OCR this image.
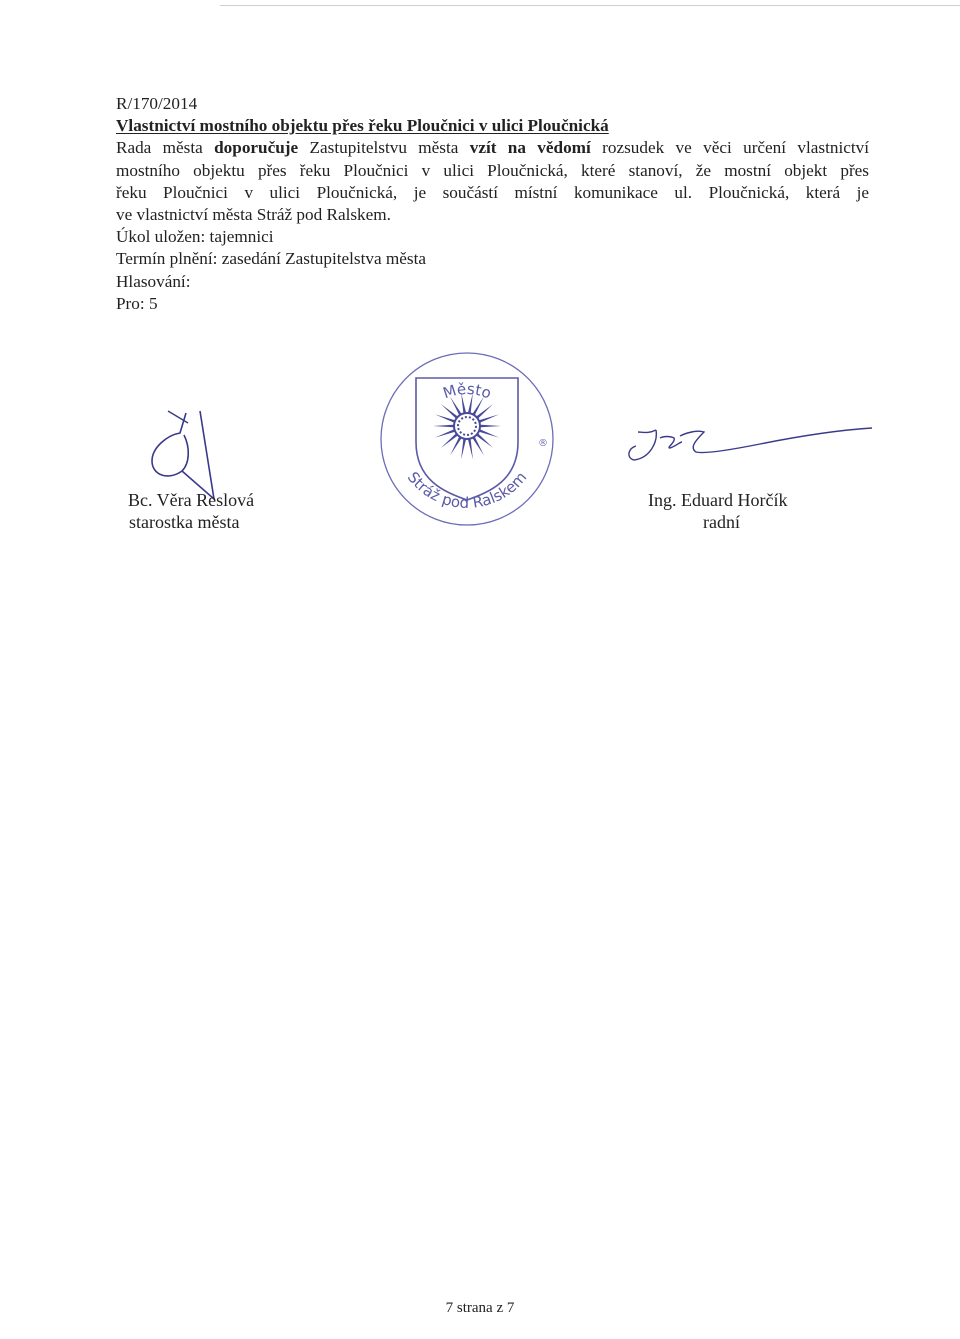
R/170/2014
Vlastnictví mostního objektu přes řeku Ploučnici v ulici Ploučnická
Rada města doporučuje Zastupitelstvu města vzít na vědomí rozsudek ve věci určení vlastnictví
mostního objektu přes řeku Ploučnici v ulici Ploučnická, které stanoví, že mostní objekt přes
řeku Ploučnici v ulici Ploučnická, je součástí místní komunikace ul. Ploučnická, která je
ve vlastnictví města Stráž pod Ralskem.
Úkol uložen: tajemnici
Termín plnění: zasedání Zastupitelstva města
Hlasování:
Pro: 5
Bc. Věra Reslová
starostka města
Město
Stráž pod Ralskem
®
Ing. Eduard Horčík
radní
7 strana z 7
